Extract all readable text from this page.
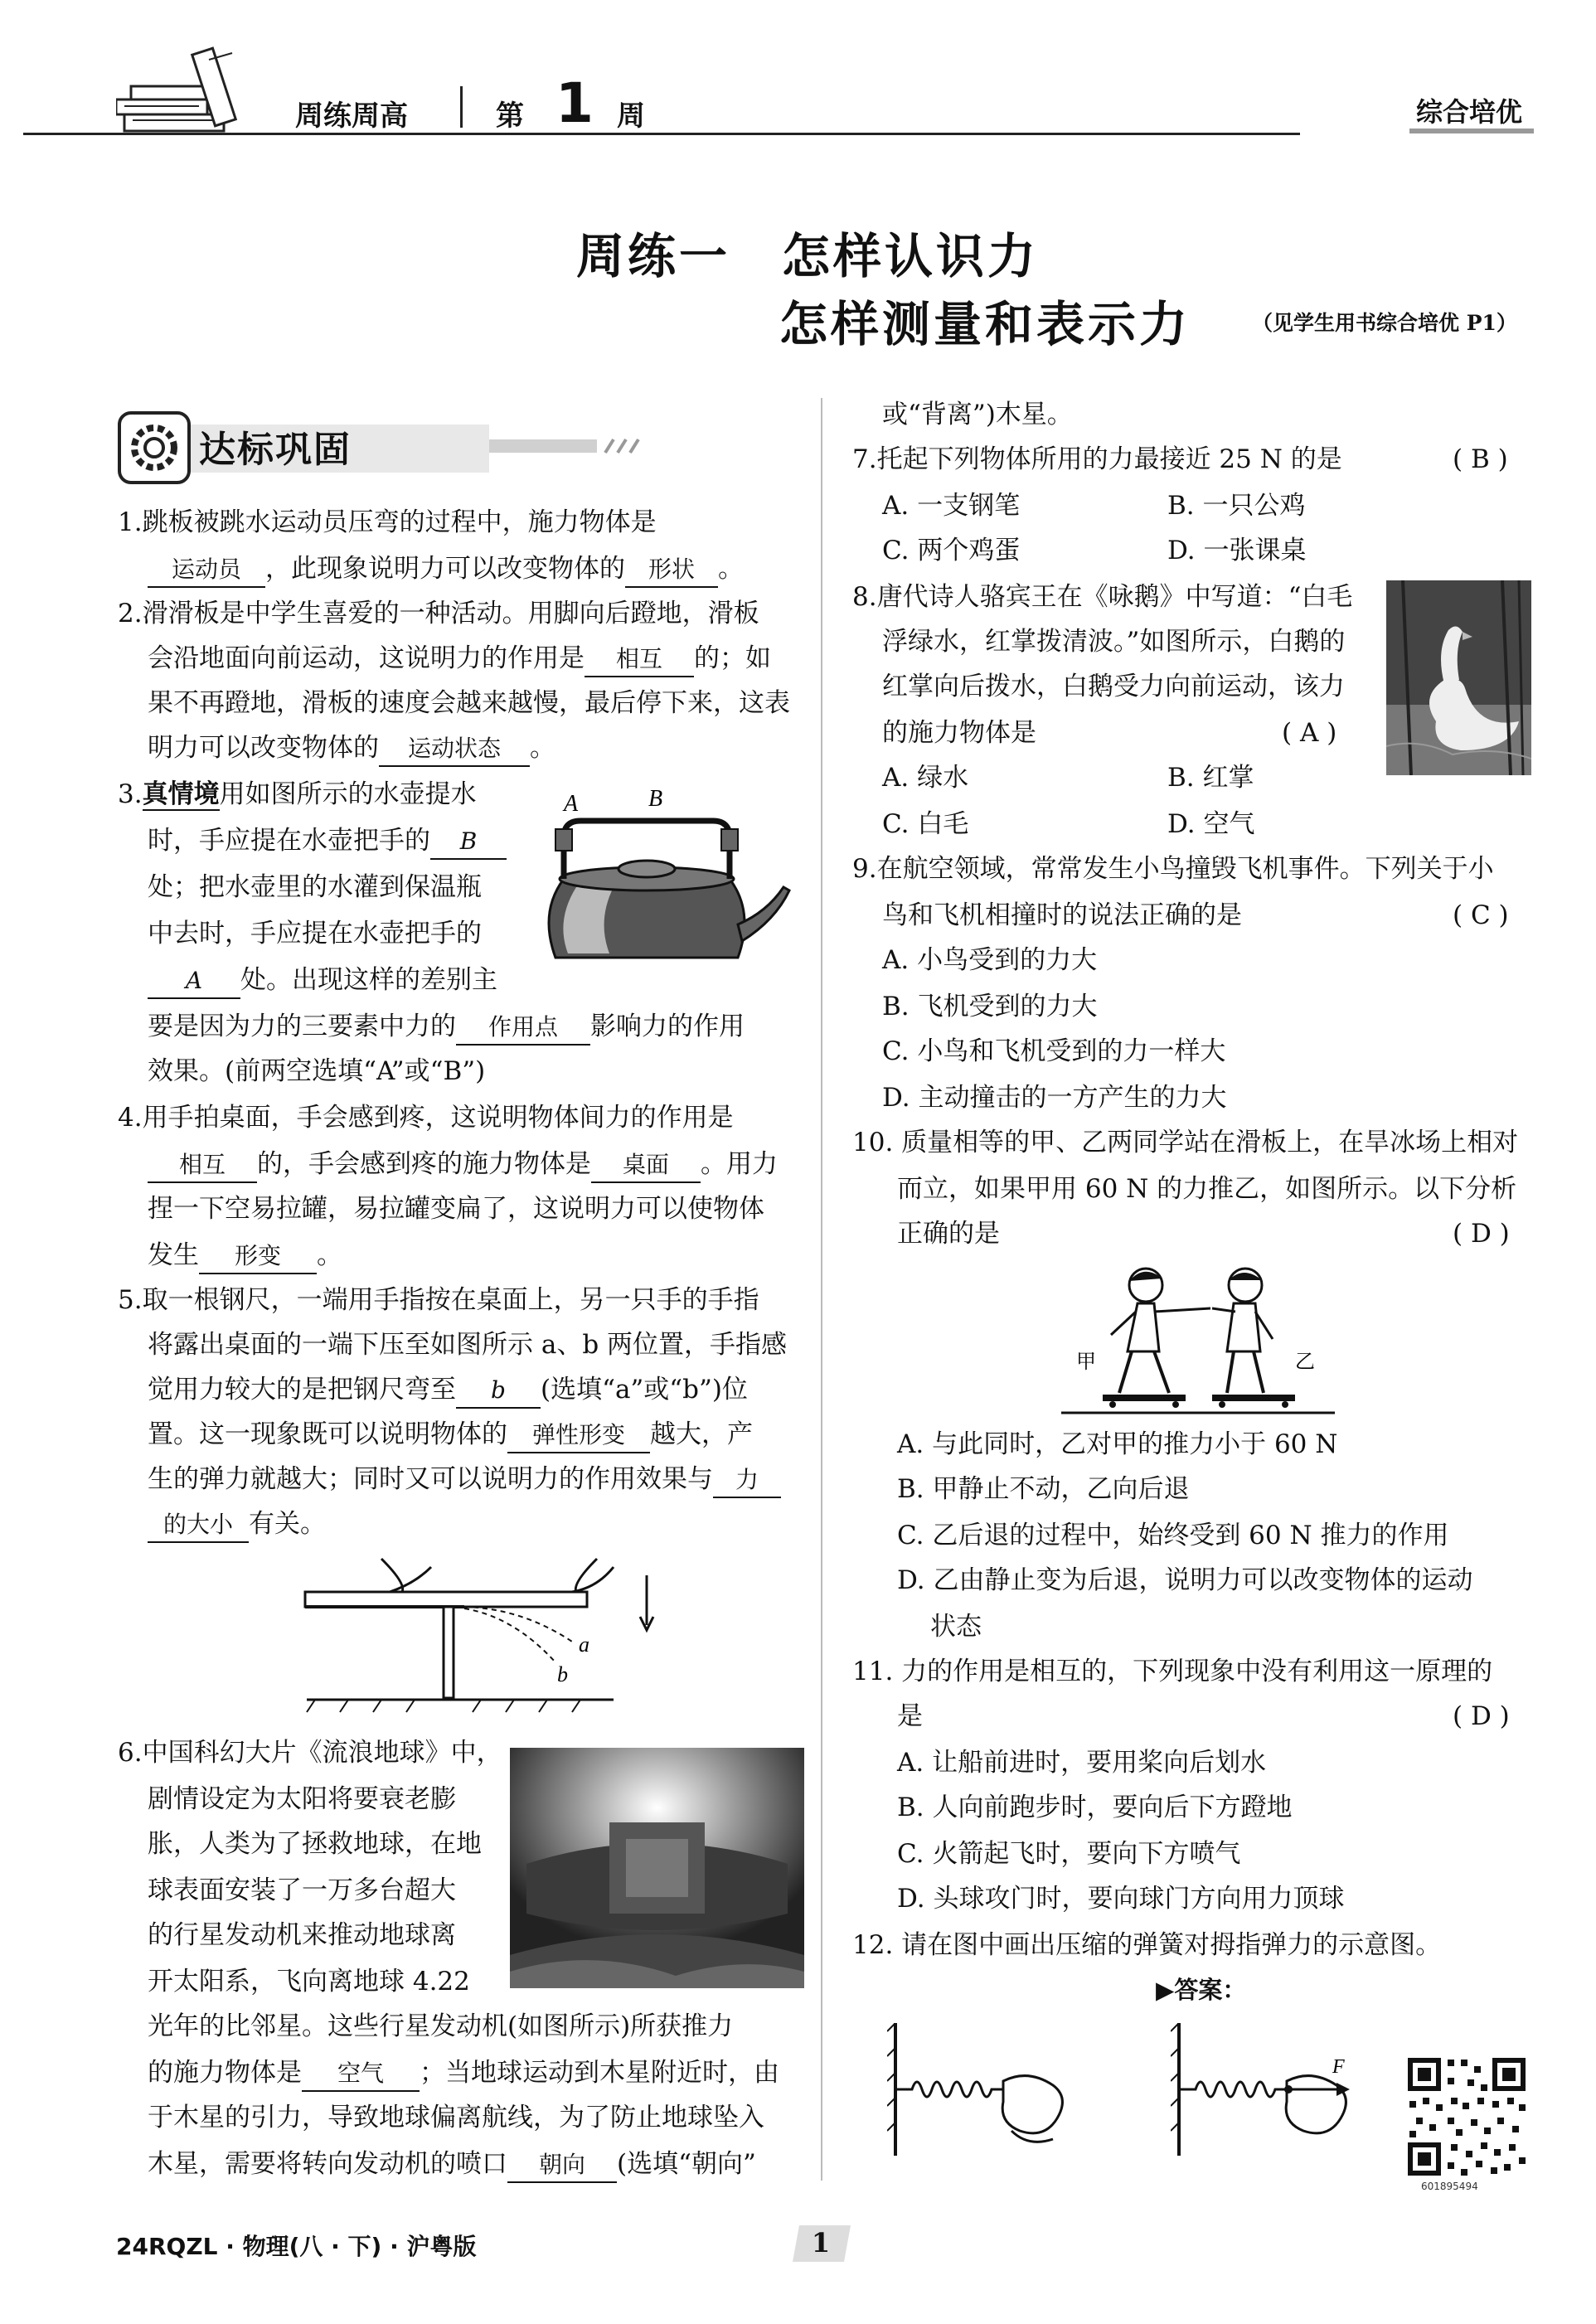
周练周高	第 1 周	综合培优
周练一　怎样认识力
怎样测量和表示力	（见学生用书综合培优 P1）
达标巩固
1.跳板被跳水运动员压弯的过程中，施力物体是
运动员 ，此现象说明力可以改变物体的 形状 。
2.滑滑板是中学生喜爱的一种活动。用脚向后蹬地，滑板
会沿地面向前运动，这说明力的作用是 相互 的；如
果不再蹬地，滑板的速度会越来越慢，最后停下来，这表
明力可以改变物体的 运动状态 。
3.真情境用如图所示的水壶提水
时，手应提在水壶把手的 B
处；把水壶里的水灌到保温瓶
中去时，手应提在水壶把手的
A 处。出现这样的差别主
要是因为力的三要素中力的 作用点 影响力的作用
效果。(前两空选填“A”或“B”)
A	B
4.用手拍桌面，手会感到疼，这说明物体间力的作用是
相互 的，手会感到疼的施力物体是 桌面 。用力
捏一下空易拉罐，易拉罐变扁了，这说明力可以使物体
发生 形变 。
5.取一根钢尺，一端用手指按在桌面上，另一只手的手指
将露出桌面的一端下压至如图所示 a、b 两位置，手指感
觉用力较大的是把钢尺弯至 b (选填“a”或“b”)位
置。这一现象既可以说明物体的 弹性形变 越大，产
生的弹力就越大；同时又可以说明力的作用效果与 力
的大小 有关。
a
b
6.中国科幻大片《流浪地球》中，
剧情设定为太阳将要衰老膨
胀，人类为了拯救地球，在地
球表面安装了一万多台超大
的行星发动机来推动地球离
开太阳系，飞向离地球 4.22
光年的比邻星。这些行星发动机(如图所示)所获推力
的施力物体是 空气 ；当地球运动到木星附近时，由
于木星的引力，导致地球偏离航线，为了防止地球坠入
木星，需要将转向发动机的喷口 朝向 (选填“朝向”
或“背离”)木星。
7.托起下列物体所用的力最接近 25 N 的是	( B )
A. 一支钢笔	B. 一只公鸡
C. 两个鸡蛋	D. 一张课桌
8.唐代诗人骆宾王在《咏鹅》中写道：“白毛
浮绿水，红掌拨清波。”如图所示，白鹅的
红掌向后拨水，白鹅受力向前运动，该力
的施力物体是	( A )
A. 绿水	B. 红掌
C. 白毛	D. 空气
9.在航空领域，常常发生小鸟撞毁飞机事件。下列关于小
鸟和飞机相撞时的说法正确的是	( C )
A. 小鸟受到的力大
B. 飞机受到的力大
C. 小鸟和飞机受到的力一样大
D. 主动撞击的一方产生的力大
10. 质量相等的甲、乙两同学站在滑板上，在旱冰场上相对
而立，如果甲用 60 N 的力推乙，如图所示。以下分析
正确的是	( D )
甲	乙
A. 与此同时，乙对甲的推力小于 60 N
B. 甲静止不动，乙向后退
C. 乙后退的过程中，始终受到 60 N 推力的作用
D. 乙由静止变为后退，说明力可以改变物体的运动
状态
11. 力的作用是相互的，下列现象中没有利用这一原理的
是	( D )
A. 让船前进时，要用桨向后划水
B. 人向前跑步时，要向后下方蹬地
C. 火箭起飞时，要向下方喷气
D. 头球攻门时，要向球门方向用力顶球
12. 请在图中画出压缩的弹簧对拇指弹力的示意图。
▶答案：
F
601895494
24RQZL · 物理(八 · 下) · 沪粤版	1
